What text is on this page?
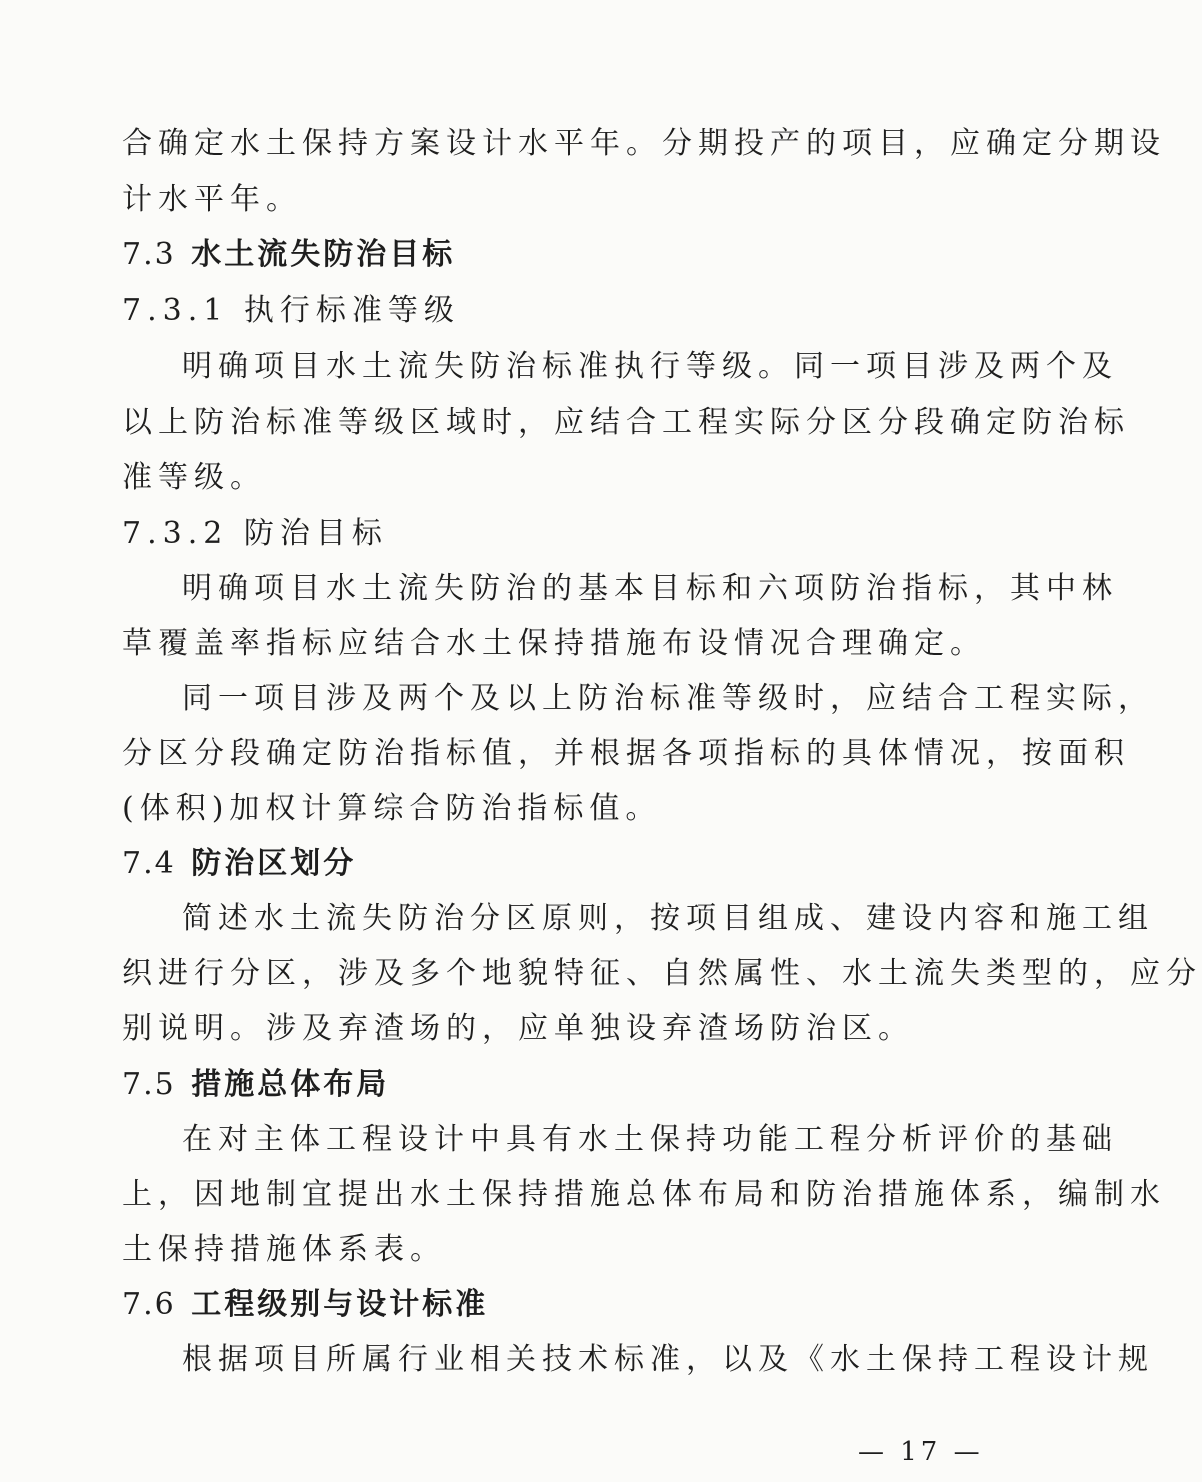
合确定水土保持方案设计水平年。分期投产的项目，应确定分期设
计水平年。
7.3 水土流失防治目标
7.3.1 执行标准等级
明确项目水土流失防治标准执行等级。同一项目涉及两个及
以上防治标准等级区域时，应结合工程实际分区分段确定防治标
准等级。
7.3.2 防治目标
明确项目水土流失防治的基本目标和六项防治指标，其中林
草覆盖率指标应结合水土保持措施布设情况合理确定。
同一项目涉及两个及以上防治标准等级时，应结合工程实际，
分区分段确定防治指标值，并根据各项指标的具体情况，按面积
(体积)加权计算综合防治指标值。
7.4 防治区划分
简述水土流失防治分区原则，按项目组成、建设内容和施工组
织进行分区，涉及多个地貌特征、自然属性、水土流失类型的，应分
别说明。涉及弃渣场的，应单独设弃渣场防治区。
7.5 措施总体布局
在对主体工程设计中具有水土保持功能工程分析评价的基础
上，因地制宜提出水土保持措施总体布局和防治措施体系，编制水
土保持措施体系表。
7.6 工程级别与设计标准
根据项目所属行业相关技术标准，以及《水土保持工程设计规
— 17 —
